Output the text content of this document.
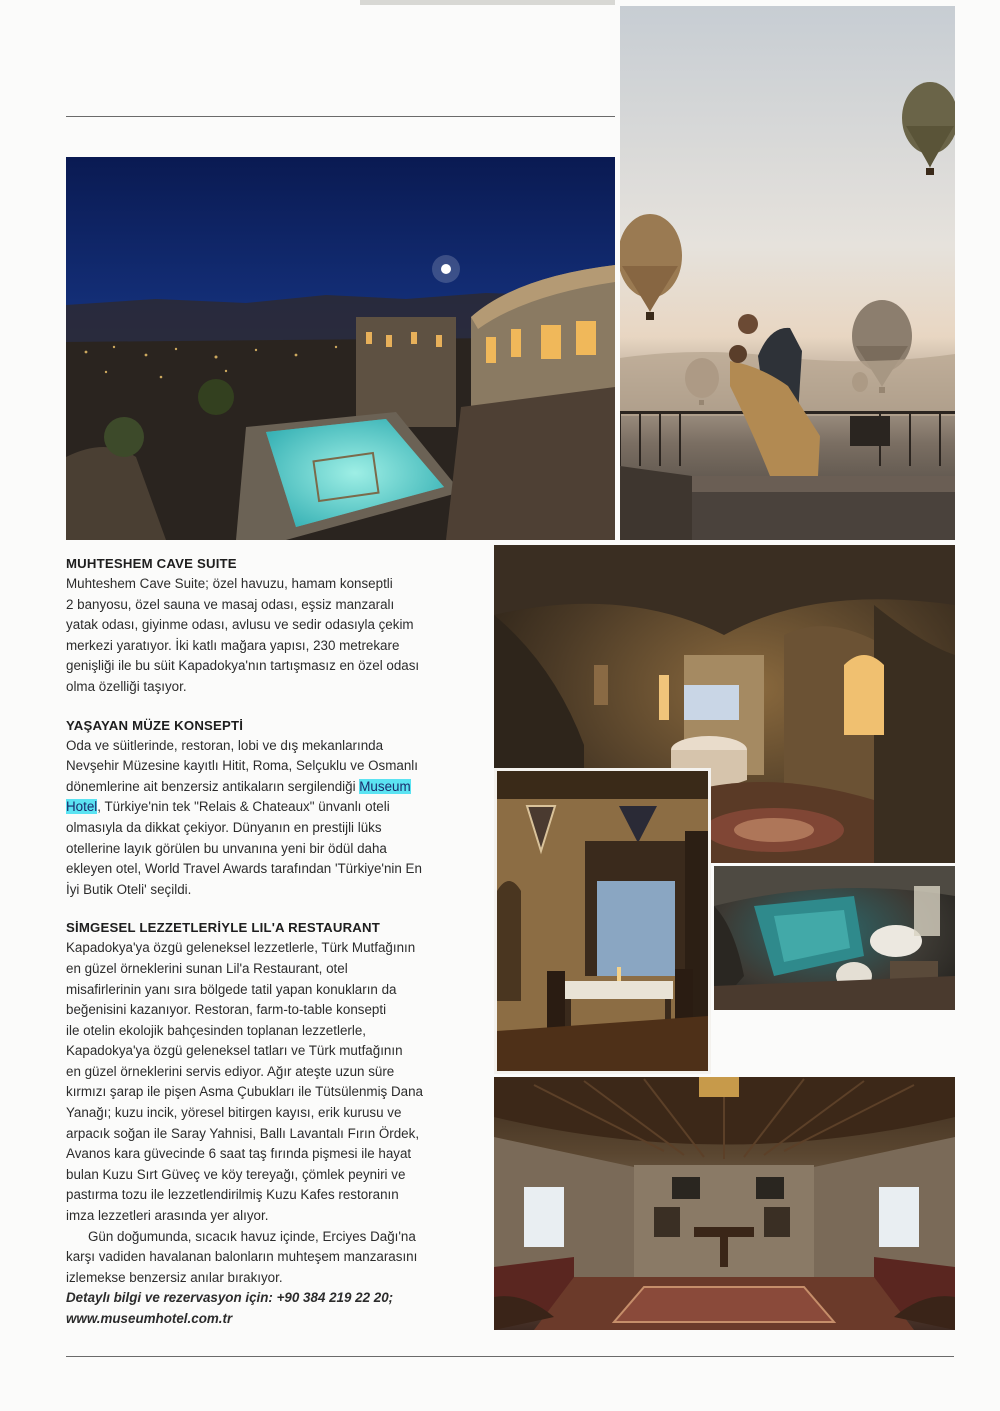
MUHTESHEM CAVE SUITE
Muhteshem Cave Suite; özel havuzu, hamam konseptli
2 banyosu, özel sauna ve masaj odası, eşsiz manzaralı
yatak odası, giyinme odası, avlusu ve sedir odasıyla çekim
merkezi yaratıyor. İki katlı mağara yapısı, 230 metrekare
genişliği ile bu süit Kapadokya'nın tartışmasız en özel odası
olma özelliği taşıyor.
YAŞAYAN MÜZE KONSEPTİ
Oda ve süitlerinde, restoran, lobi ve dış mekanlarında
Nevşehir Müzesine kayıtlı Hitit, Roma, Selçuklu ve Osmanlı
dönemlerine ait benzersiz antikaların sergilendiği Museum
Hotel, Türkiye'nin tek "Relais & Chateaux" ünvanlı oteli
olmasıyla da dikkat çekiyor. Dünyanın en prestijli lüks
otellerine layık görülen bu unvanına yeni bir ödül daha
ekleyen otel, World Travel Awards tarafından 'Türkiye'nin En
İyi Butik Oteli' seçildi.
SİMGESEL LEZZETLERİYLE LIL'A RESTAURANT
Kapadokya'ya özgü geleneksel lezzetlerle, Türk Mutfağının
en güzel örneklerini sunan Lil'a Restaurant, otel
misafirlerinin yanı sıra bölgede tatil yapan konukların da
beğenisini kazanıyor. Restoran, farm-to-table konsepti
ile otelin ekolojik bahçesinden toplanan lezzetlerle,
Kapadokya'ya özgü geleneksel tatları ve Türk mutfağının
en güzel örneklerini servis ediyor. Ağır ateşte uzun süre
kırmızı şarap ile pişen Asma Çubukları ile Tütsülenmiş Dana
Yanağı; kuzu incik, yöresel bitirgen kayısı, erik kurusu ve
arpacık soğan ile Saray Yahnisi, Ballı Lavantalı Fırın Ördek,
Avanos kara güvecinde 6 saat taş fırında pişmesi ile hayat
bulan Kuzu Sırt Güveç ve köy tereyağı, çömlek peyniri ve
pastırma tozu ile lezzetlendirilmiş Kuzu Kafes restoranın
imza lezzetleri arasında yer alıyor.
Gün doğumunda, sıcacık havuz içinde, Erciyes Dağı'na
karşı vadiden havalanan balonların muhteşem manzarasını
izlemekse benzersiz anılar bırakıyor.
Detaylı bilgi ve rezervasyon için: +90 384 219 22 20;
www.museumhotel.com.tr
